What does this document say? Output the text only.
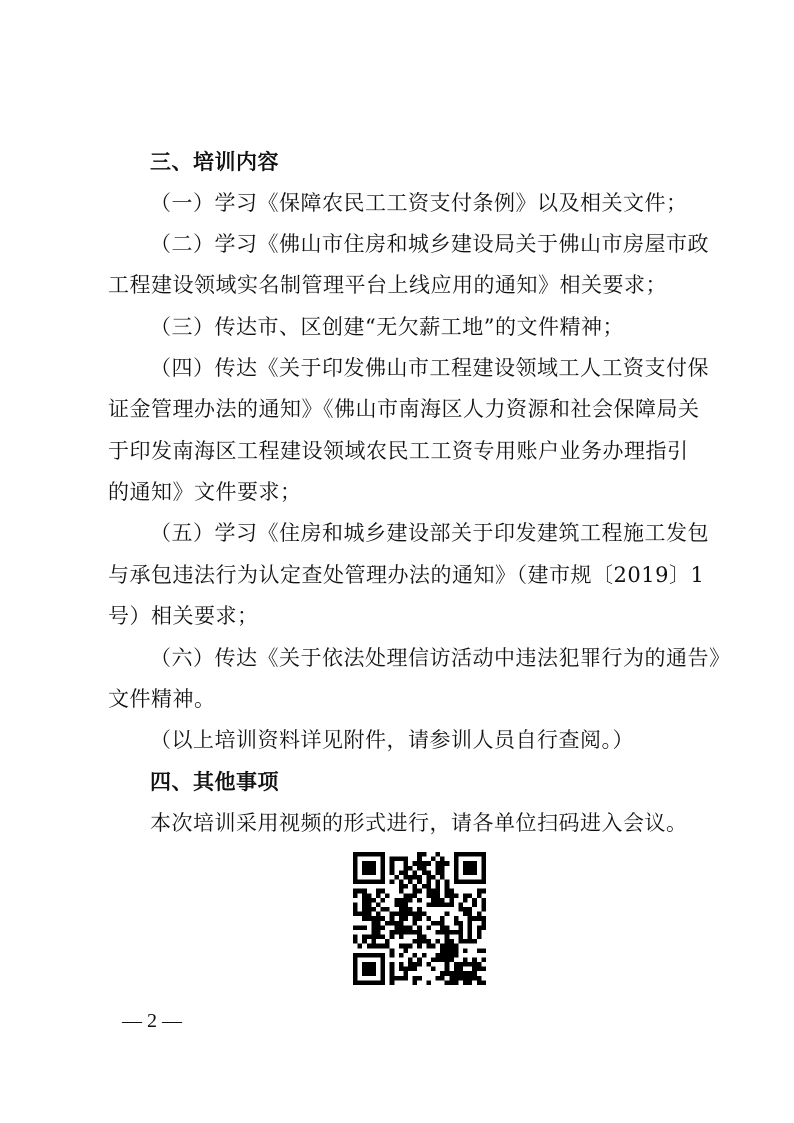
三、培训内容
（一）学习《保障农民工工资支付条例》以及相关文件；
（二）学习《佛山市住房和城乡建设局关于佛山市房屋市政
工程建设领域实名制管理平台上线应用的通知》相关要求；
（三）传达市、区创建“无欠薪工地”的文件精神；
（四）传达《关于印发佛山市工程建设领域工人工资支付保
证金管理办法的通知》《佛山市南海区人力资源和社会保障局关
于印发南海区工程建设领域农民工工资专用账户业务办理指引
的通知》文件要求；
（五）学习《住房和城乡建设部关于印发建筑工程施工发包
与承包违法行为认定查处管理办法的通知》（建市规〔2019〕1
号）相关要求；
（六）传达《关于依法处理信访活动中违法犯罪行为的通告》
文件精神。
（以上培训资料详见附件，请参训人员自行查阅。）
四、其他事项
本次培训采用视频的形式进行，请各单位扫码进入会议。
— 2 —
